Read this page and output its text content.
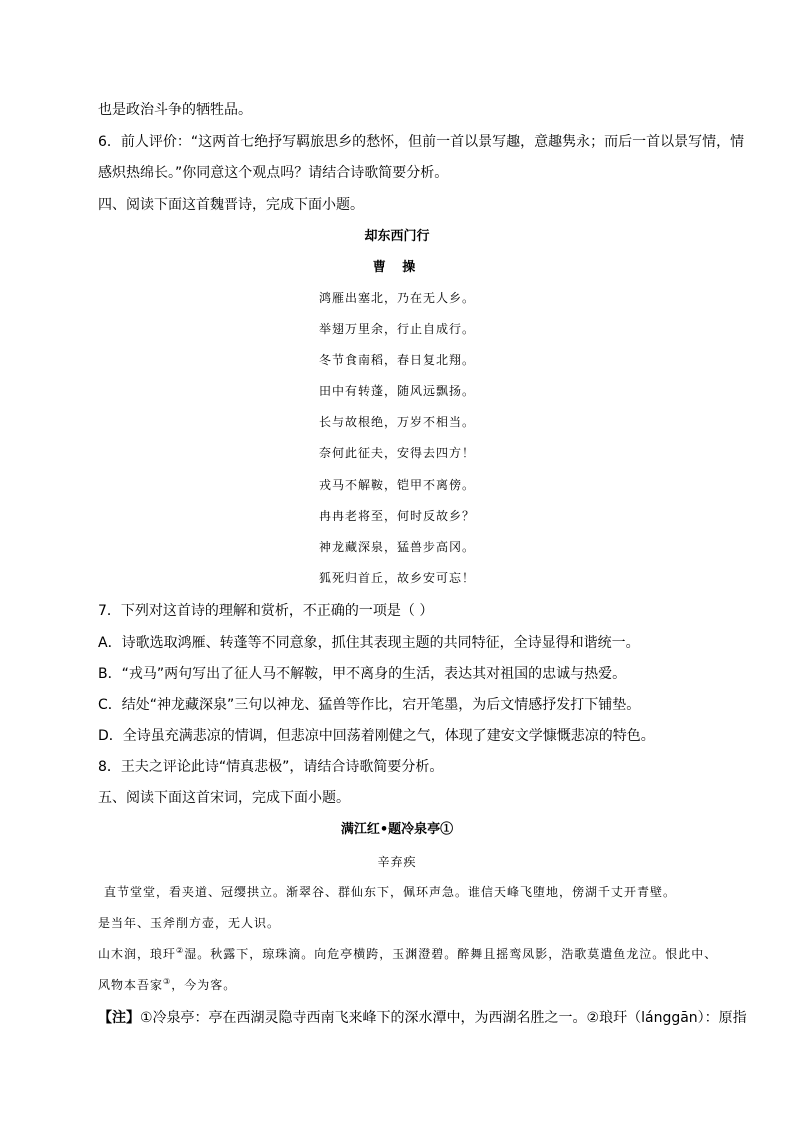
也是政治斗争的牺牲品。
6．前人评价：“这两首七绝抒写羁旅思乡的愁怀，但前一首以景写趣，意趣隽永；而后一首以景写情，情
感炽热绵长。”你同意这个观点吗？请结合诗歌简要分析。
四、阅读下面这首魏晋诗，完成下面小题。
却东西门行
曹 操
鸿雁出塞北，乃在无人乡。
举翅万里余，行止自成行。
冬节食南稻，春日复北翔。
田中有转蓬，随风远飘扬。
长与故根绝，万岁不相当。
奈何此征夫，安得去四方！
戎马不解鞍，铠甲不离傍。
冉冉老将至，何时反故乡？
神龙藏深泉，猛兽步高冈。
狐死归首丘，故乡安可忘！
7．下列对这首诗的理解和赏析，不正确的一项是（ ）
A．诗歌选取鸿雁、转蓬等不同意象，抓住其表现主题的共同特征，全诗显得和谐统一。
B．“戎马”两句写出了征人马不解鞍，甲不离身的生活，表达其对祖国的忠诚与热爱。
C．结处“神龙藏深泉”三句以神龙、猛兽等作比，宕开笔墨，为后文情感抒发打下铺垫。
D．全诗虽充满悲凉的情调，但悲凉中回荡着刚健之气，体现了建安文学慷慨悲凉的特色。
8．王夫之评论此诗“情真悲极”，请结合诗歌简要分析。
五、阅读下面这首宋词，完成下面小题。
满江红•题冷泉亭①
辛弃疾
直节堂堂，看夹道、冠缨拱立。渐翠谷、群仙东下，佩环声急。谁信天峰飞堕地，傍湖千丈开青壁。
是当年、玉斧削方壶，无人识。
山木润，琅玕②湿。秋露下，琼珠滴。向危亭横跨，玉渊澄碧。醉舞且摇鸾凤影，浩歌莫遣鱼龙泣。恨此中、
风物本吾家③，今为客。
【注】①冷泉亭：亭在西湖灵隐寺西南飞来峰下的深水潭中，为西湖名胜之一。②琅玕（lánggān）：原指
